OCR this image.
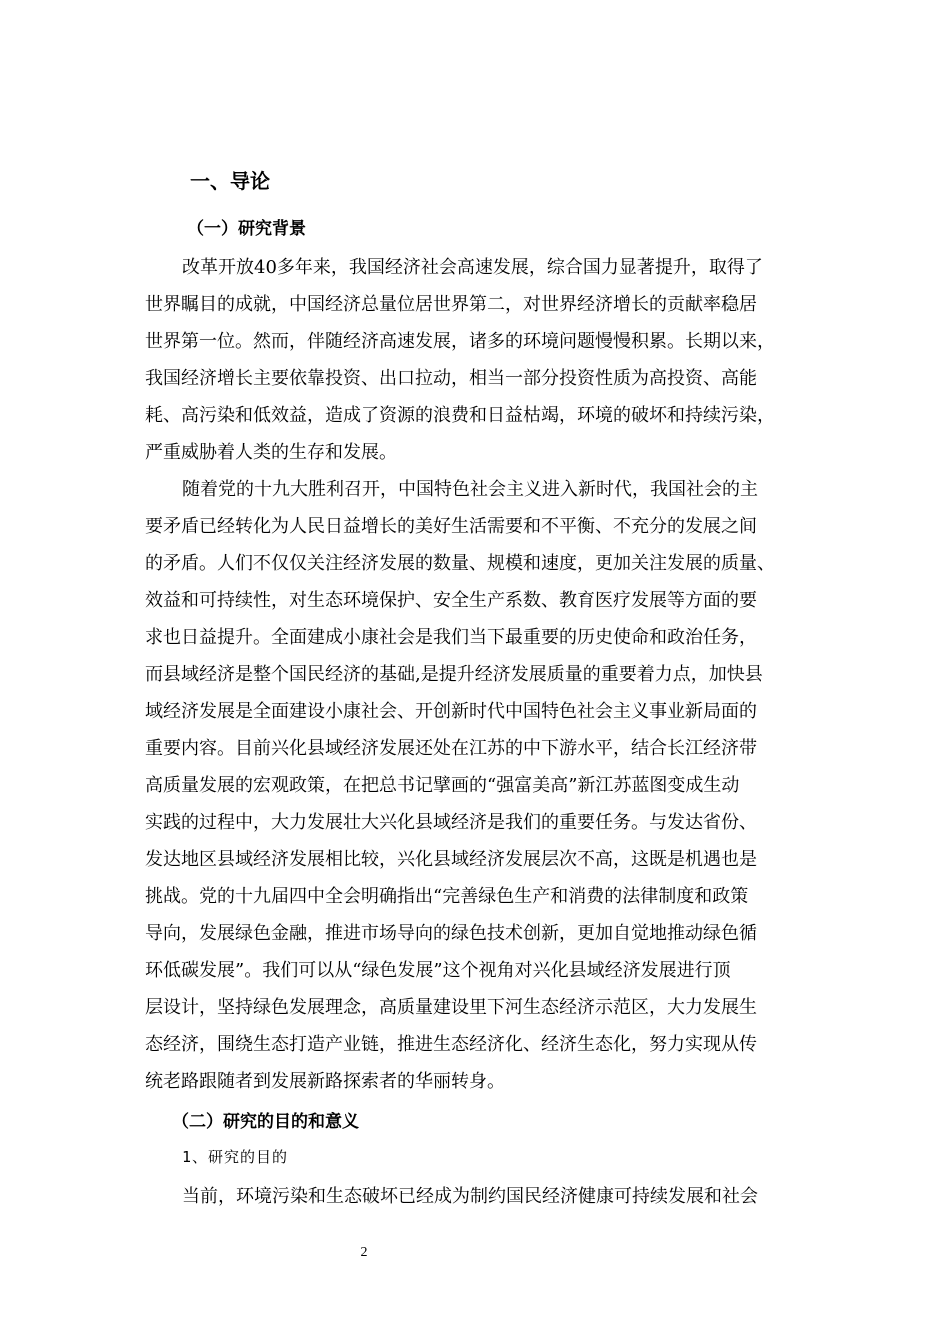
一、导论
（一）研究背景
改革开放40多年来，我国经济社会高速发展，综合国力显著提升，取得了
世界瞩目的成就，中国经济总量位居世界第二，对世界经济增长的贡献率稳居
世界第一位。然而，伴随经济高速发展，诸多的环境问题慢慢积累。长期以来，
我国经济增长主要依靠投资、出口拉动，相当一部分投资性质为高投资、高能
耗、高污染和低效益，造成了资源的浪费和日益枯竭，环境的破坏和持续污染，
严重威胁着人类的生存和发展。
随着党的十九大胜利召开，中国特色社会主义进入新时代，我国社会的主
要矛盾已经转化为人民日益增长的美好生活需要和不平衡、不充分的发展之间
的矛盾。人们不仅仅关注经济发展的数量、规模和速度，更加关注发展的质量、
效益和可持续性，对生态环境保护、安全生产系数、教育医疗发展等方面的要
求也日益提升。全面建成小康社会是我们当下最重要的历史使命和政治任务，
而县域经济是整个国民经济的基础,是提升经济发展质量的重要着力点，加快县
域经济发展是全面建设小康社会、开创新时代中国特色社会主义事业新局面的
重要内容。目前兴化县域经济发展还处在江苏的中下游水平，结合长江经济带
高质量发展的宏观政策，在把总书记擘画的“强富美高”新江苏蓝图变成生动
实践的过程中，大力发展壮大兴化县域经济是我们的重要任务。与发达省份、
发达地区县域经济发展相比较，兴化县域经济发展层次不高，这既是机遇也是
挑战。党的十九届四中全会明确指出“完善绿色生产和消费的法律制度和政策
导向，发展绿色金融，推进市场导向的绿色技术创新，更加自觉地推动绿色循
环低碳发展”。我们可以从“绿色发展”这个视角对兴化县域经济发展进行顶
层设计，坚持绿色发展理念，高质量建设里下河生态经济示范区，大力发展生
态经济，围绕生态打造产业链，推进生态经济化、经济生态化，努力实现从传
统老路跟随者到发展新路探索者的华丽转身。
（二）研究的目的和意义
1、研究的目的
当前，环境污染和生态破坏已经成为制约国民经济健康可持续发展和社会
2
